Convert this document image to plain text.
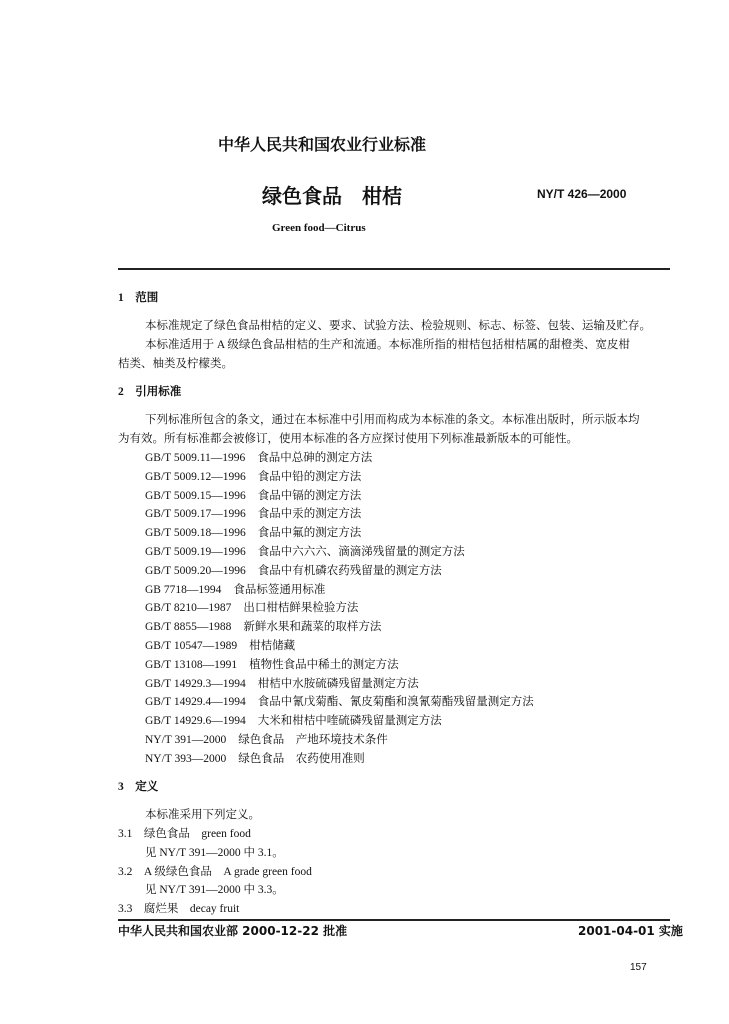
中华人民共和国农业行业标准
绿色食品　柑桔	NY/T 426—2000
Green food—Citrus
1　范围
本标准规定了绿色食品柑桔的定义、要求、试验方法、检验规则、标志、标签、包装、运输及贮存。
本标准适用于 A 级绿色食品柑桔的生产和流通。本标准所指的柑桔包括柑桔属的甜橙类、宽皮柑
桔类、柚类及柠檬类。
2　引用标准
下列标准所包含的条文，通过在本标准中引用而构成为本标准的条文。本标准出版时，所示版本均
为有效。所有标准都会被修订，使用本标准的各方应探讨使用下列标准最新版本的可能性。
GB/T 5009.11—1996 食品中总砷的测定方法
GB/T 5009.12—1996 食品中铅的测定方法
GB/T 5009.15—1996 食品中镉的测定方法
GB/T 5009.17—1996 食品中汞的测定方法
GB/T 5009.18—1996 食品中氟的测定方法
GB/T 5009.19—1996 食品中六六六、滴滴涕残留量的测定方法
GB/T 5009.20—1996 食品中有机磷农药残留量的测定方法
GB 7718—1994 食品标签通用标准
GB/T 8210—1987 出口柑桔鲜果检验方法
GB/T 8855—1988 新鲜水果和蔬菜的取样方法
GB/T 10547—1989 柑桔储藏
GB/T 13108—1991 植物性食品中稀土的测定方法
GB/T 14929.3—1994 柑桔中水胺硫磷残留量测定方法
GB/T 14929.4—1994 食品中氰戊菊酯、氰皮菊酯和溴氰菊酯残留量测定方法
GB/T 14929.6—1994 大米和柑桔中喹硫磷残留量测定方法
NY/T 391—2000 绿色食品　产地环境技术条件
NY/T 393—2000 绿色食品　农药使用准则
3　定义
本标准采用下列定义。
3.1　绿色食品　green food
见 NY/T 391—2000 中 3.1。
3.2　A 级绿色食品　A grade green food
见 NY/T 391—2000 中 3.3。
3.3　腐烂果　decay fruit
中华人民共和国农业部 2000-12-22 批准	2001-04-01 实施
157
